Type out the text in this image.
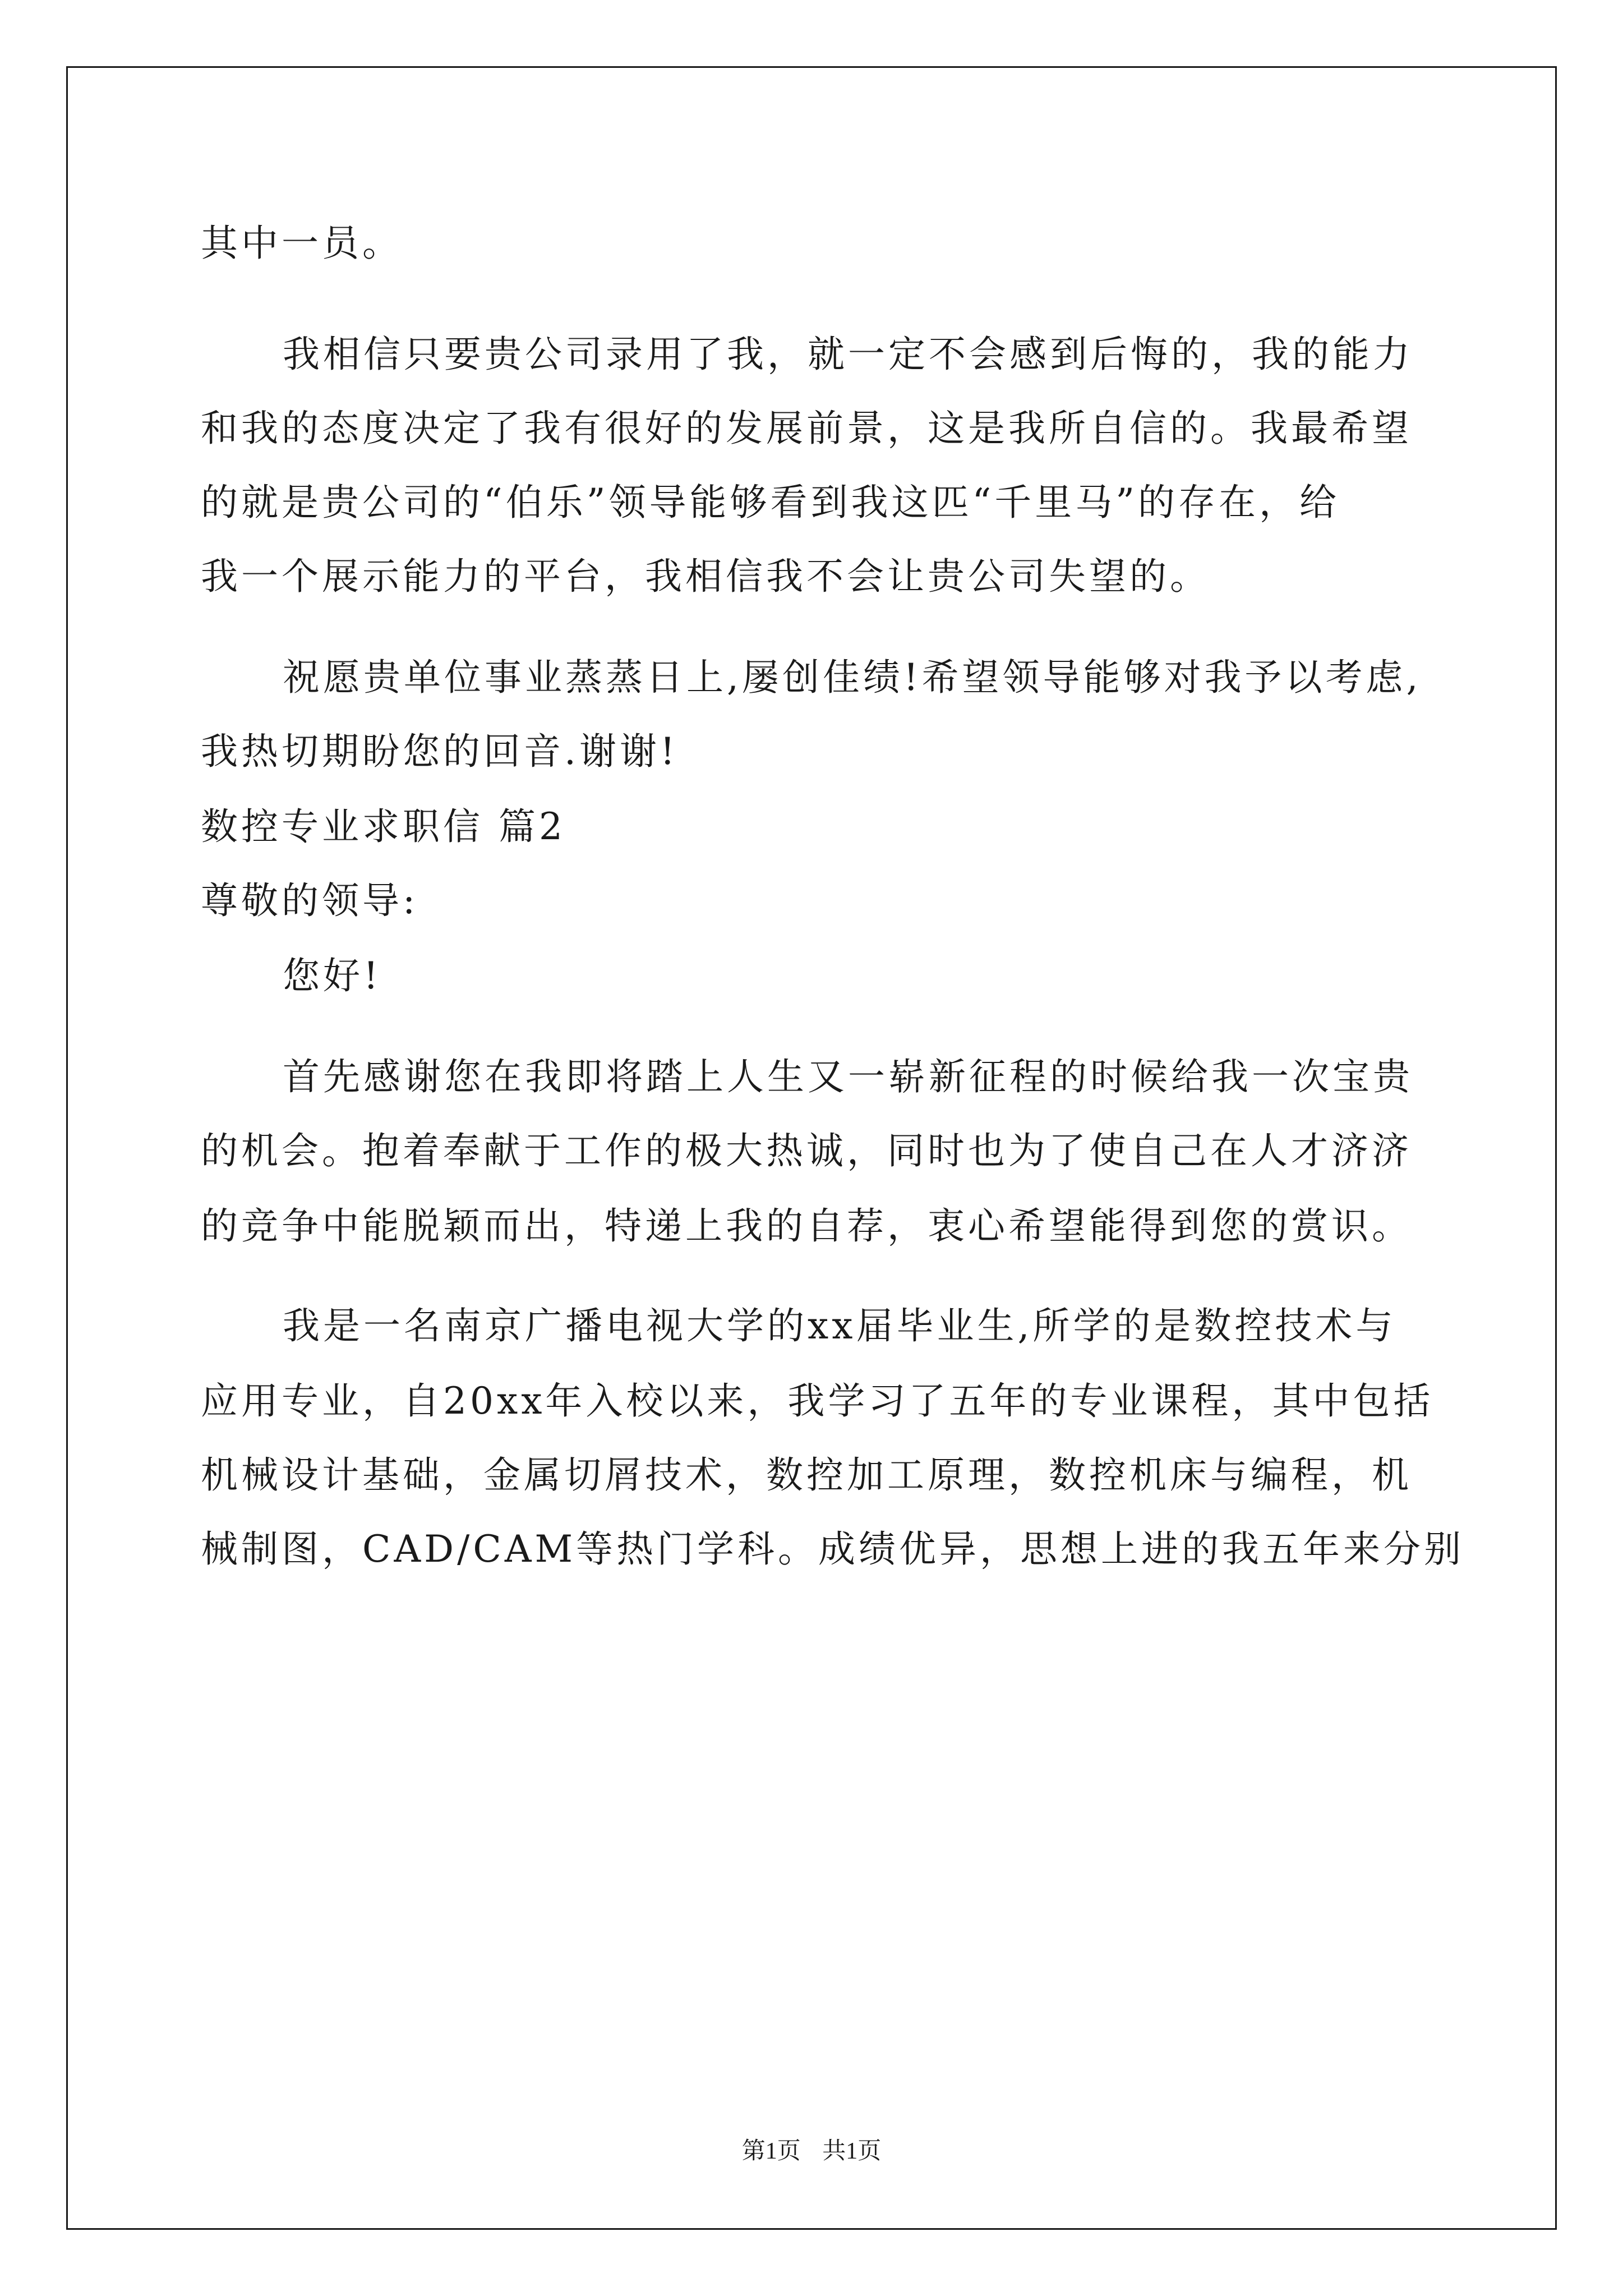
其中一员。
我相信只要贵公司录用了我，就一定不会感到后悔的，我的能力
和我的态度决定了我有很好的发展前景，这是我所自信的。我最希望
的就是贵公司的“伯乐”领导能够看到我这匹“千里马”的存在，给
我一个展示能力的平台，我相信我不会让贵公司失望的。
祝愿贵单位事业蒸蒸日上,屡创佳绩!希望领导能够对我予以考虑,
我热切期盼您的回音.谢谢!
数控专业求职信 篇2
尊敬的领导:
您好!
首先感谢您在我即将踏上人生又一崭新征程的时候给我一次宝贵
的机会。抱着奉献于工作的极大热诚，同时也为了使自己在人才济济
的竞争中能脱颖而出，特递上我的自荐，衷心希望能得到您的赏识。
我是一名南京广播电视大学的xx届毕业生,所学的是数控技术与
应用专业，自20xx年入校以来，我学习了五年的专业课程，其中包括
机械设计基础，金属切屑技术，数控加工原理，数控机床与编程，机
械制图，CAD/CAM等热门学科。成绩优异，思想上进的我五年来分别
第1页 共1页
